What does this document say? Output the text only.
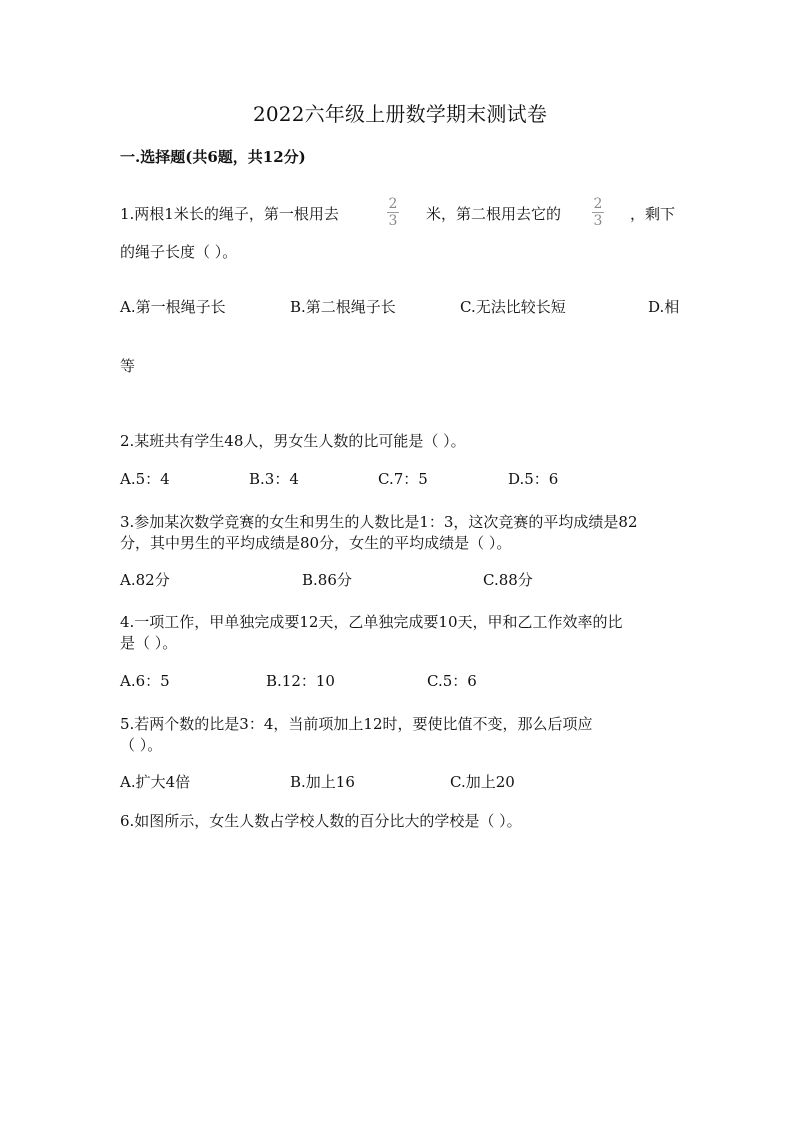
2022六年级上册数学期末测试卷
一.选择题(共6题，共12分)
1.两根1米长的绳子，第一根用去
2
3 米，第二根用去它的
2
3 ，剩下
的绳子长度（ ）。
A.第一根绳子长	B.第二根绳子长	C.无法比较长短	D.相
等
2.某班共有学生48人，男女生人数的比可能是（ ）。
A.5：4	B.3：4	C.7：5	D.5：6
3.参加某次数学竞赛的女生和男生的人数比是1：3，这次竞赛的平均成绩是82
分，其中男生的平均成绩是80分，女生的平均成绩是（ ）。
A.82分	B.86分	C.88分
4.一项工作，甲单独完成要12天，乙单独完成要10天，甲和乙工作效率的比
是（ ）。
A.6：5	B.12：10	C.5：6
5.若两个数的比是3：4，当前项加上12时，要使比值不变，那么后项应
（ ）。
A.扩大4倍	B.加上16	C.加上20
6.如图所示，女生人数占学校人数的百分比大的学校是（ ）。
